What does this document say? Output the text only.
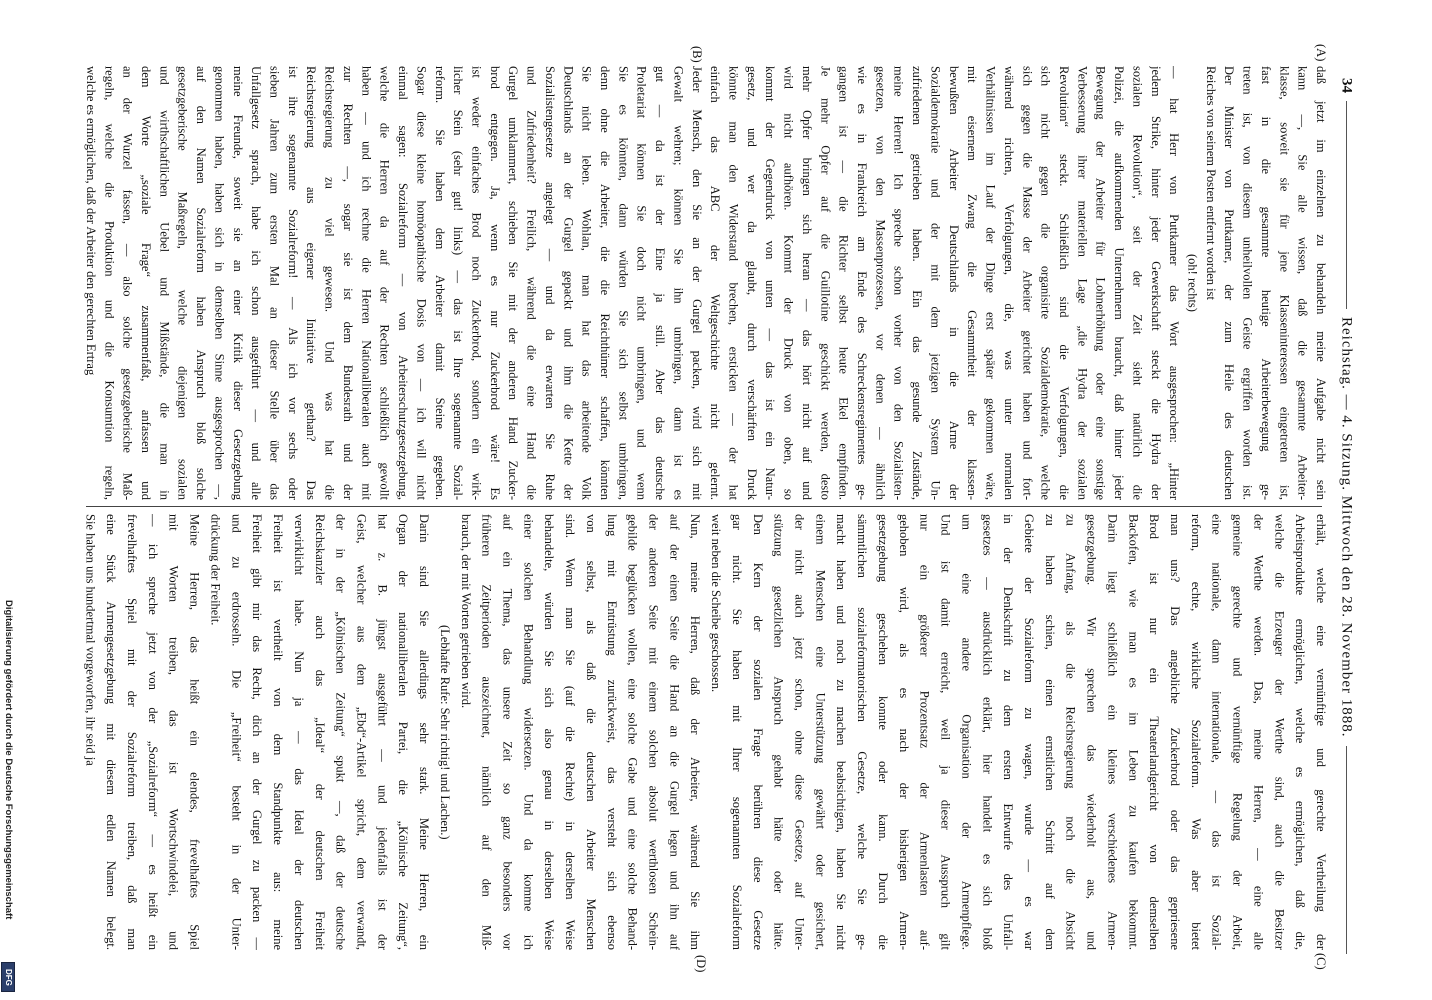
34
Reichstag. — 4. Sitzung. Mittwoch den 28. November 1888.
(A)
(B)
(C)
(D)
daß jetzt im einzelnen zu behandeln meine Aufgabe nicht sein
kann —, Sie alle wissen, daß die gesammte Arbeiter-
klasse, soweit sie für jene Klasseninteressen eingetreten ist,
fast in die gesammte heutige Arbeiterbewegung ge-
treten ist, von diesem unheilvollen Geiste ergriffen worden ist.
Der Minister von Puttkamer, der zum Heile des deutschen
Reiches von seinem Posten entfernt worden ist
(oh! rechts)
— hat Herr von Puttkamer das Wort ausgesprochen: „Hinter
jedem Strike, hinter jeder Gewerkschaft steckt die Hydra der
sozialen Revolution“, seit der Zeit sieht natürlich die
Polizei, die aufkommenden Unternehmern braucht, daß hinter jeder
Bewegung der Arbeiter für Lohnerhöhung oder eine sonstige
Verbesserung ihrer materiellen Lage „die Hydra der sozialen
Revolution“ steckt. Schließlich sind die Verfolgungen, die
sich nicht gegen die organisirte Sozialdemokratie, welche
sich gegen die Masse der Arbeiter gerichtet haben und fort-
während richten, Verfolgungen, die, was unter normalen
Verhältnissen im Lauf der Dinge erst später gekommen wäre,
mit eisernem Zwang die Gesammtheit der klassen-
bewußten Arbeiter Deutschlands in die Arme der
Sozialdemokratie und der mit dem jetzigen System Un-
zufriedenen getrieben haben. Ein das gesunde Zustände,
meine Herren! Ich spreche schon vorher von den Sozialisten-
gesetzen, von den Massenprozessen, vor denen — ähnlich
wie es in Frankreich am Ende des Schreckensregimentes ge-
gangen ist — die Richter selbst heute Ekel empfinden.
Je mehr Opfer auf die Guillotine geschickt werden, desto
mehr Opfer bringen sich heran — das hört nicht auf und
wird nicht aufhören. Kommt der Druck von oben, so
kommt der Gegendruck von unten — das ist ein Natur-
gesetz, und wer da glaubt, durch verschärften Druck
könnte man den Widerstand brechen, ersticken — der hat
einfach das ABC der Weltgeschichte nicht gelernt.
Jeder Mensch, den Sie an der Gurgel packen, wird sich mit
Gewalt wehren; können Sie ihn umbringen, dann ist es
gut — da ist der Eine ja still. Aber das deutsche
Proletariat können Sie doch nicht umbringen, und wenn
Sie es könnten, dann würden Sie sich selbst umbringen,
denn ohne die Arbeiter, die die Reichthümer schaffen, könnten
Sie nicht leben. Wohlan, man hat das arbeitende Volk
Deutschlands an der Gurgel gepackt und ihm die Kette der
Sozialistengesetze angelegt — und da erwarten Sie Ruhe
und Zufriedenheit? Freilich, während die eine Hand die
Gurgel umklammert, schieben Sie mit der anderen Hand Zucker-
brod entgegen. Ja, wenn es nur Zuckerbrod wäre! Es
ist weder einfaches Brod noch Zuckerbrod, sondern ein wirk-
licher Stein (sehr gut! links) — das ist Ihre sogenannte Sozial-
reform. Sie haben dem Arbeiter damit Steine gegeben.
Sogar diese kleine homöopathische Dosis von — ich will nicht
einmal sagen: Sozialreform — von Arbeiterschutzgesetzgebung,
welche die Herren da auf der Rechten schließlich gewollt
haben — und ich rechne die Herren Nationalliberalen auch mit
zur Rechten —, sogar sie ist dem Bundesrath und der
Reichsregierung zu viel gewesen. Und was hat die
Reichsregierung aus eigener Initiative gethan? Das
ist ihre sogenannte Sozialreform! — Als ich vor sechs oder
sieben Jahren zum ersten Mal an dieser Stelle über das
Unfallgesetz sprach, habe ich schon ausgeführt — und alle
meine Freunde, soweit sie an einer Kritik dieser Gesetzgebung
genommen haben, haben sich in demselben Sinne ausgesprochen —,
auf den Namen Sozialreform haben Anspruch bloß solche
gesetzgeberische Maßregeln, welche diejenigen sozialen
und wirthschaftlichen Uebel und Mißstände, die man in
dem Worte „soziale Frage“ zusammenfaßt, anfassen und
an der Wurzel fassen, — also solche gesetzgeberische Maß-
regeln, welche die Produktion und die Konsumtion regeln,
welche es ermöglichen, daß der Arbeiter den gerechten Ertrag
erhält, welche eine vernünftige und gerechte Vertheilung der
Arbeitsprodukte ermöglichen, welche es ermöglichen, daß die,
welche die Erzeuger der Werthe sind, auch die Besitzer
der Werthe werden. Das, meine Herren, — eine alle
gemeine gerechte und vernünftige Regelung der Arbeit,
eine nationale, dann internationale, — das ist Sozial-
reform, echte, wirkliche Sozialreform. Was aber bietet
man uns? Das angebliche Zuckerbrod oder das gepriesene
Brod ist nur ein Theaterlandgericht von demselben
Backofen, wie man es im Leben zu kaufen bekommt.
Darin liegt schließlich ein kleines verschiedenes Armen-
gesetzgebung. Wir sprechen das wiederholt aus, und
zu Anfang, als die Reichsregierung noch die Absicht
zu haben schien, einen ernstlichen Schritt auf dem
Gebiete der Sozialreform zu wagen, wurde — es war
in der Denkschrift zu dem ersten Entwurfe des Unfall-
gesetzes — ausdrücklich erklärt, hier handelt es sich bloß
um eine andere Organisation der Armenpflege.
Und ist damit erreicht, weil ja dieser Ausspruch gilt
nur ein größerer Prozentsatz der Armenlasten auf-
gehoben wird, als es nach der bisherigen Armen-
gesetzgebung geschehen konnte oder kann. Durch die
sämmtlichen sozialreformatorischen Gesetze, welche Sie ge-
macht haben und noch zu machen beabsichtigen, haben Sie nicht
einem Menschen eine Unterstützung gewährt oder gesichert,
der nicht auch jetzt schon, ohne diese Gesetze, auf Unter-
stützung gesetzlichen Anspruch gehabt hätte oder hätte.
Den Kern der sozialen Frage berühren diese Gesetze
gar nicht. Sie haben mit Ihrer sogenannten Sozialreform
weit neben die Scheibe geschossen.
Nun, meine Herren, daß der Arbeiter, während Sie ihm
auf der einen Seite die Hand an die Gurgel legen und ihn auf
der anderen Seite mit einem solchen absolut werthlosen Schein-
gebilde beglücken wollen, eine solche Gabe und eine solche Behand-
lung mit Entrüstung zurückweist, das versteht sich ebenso
von selbst, als daß die deutschen Arbeiter Menschen
sind. Wenn man Sie (auf die Rechte) in derselben Weise
behandelte, würden Sie sich also genau in derselben Weise
einer solchen Behandlung widersetzen. Und da komme ich
auf ein Thema, das unsere Zeit so ganz besonders vor
früheren Zeitperioden auszeichnet, nämlich auf den Miß-
brauch, der mit Worten getrieben wird.
(Lebhafte Rufe: Sehr richtig! und Lachen.)
Darin sind Sie allerdings sehr stark. Meine Herren, ein
Organ der nationalliberalen Partei, die „Kölnische Zeitung“,
hat z. B. jüngst ausgeführt — und jedenfalls ist der
Geist, welcher aus dem „Ebd“-Artikel spricht, dem verwandt,
der in der „Kölnischen Zeitung“ spukt —, daß der deutsche
Reichskanzler auch das „Ideal“ der deutschen Freiheit
verwirklicht habe. Nun ja — das Ideal der deutschen
Freiheit ist vertheilt von dem Standpunkte aus: meine
Freiheit gibt mir das Recht, dich an der Gurgel zu packen —
und zu erdrosseln. Die „Freiheit“ besteht in der Unter-
drückung der Freiheit.
Meine Herren, das heißt ein elendes, frevelhaftes Spiel
mit Worten treiben, das ist Wortschwindelei, und
— ich spreche jetzt von der „Sozialreform“ — es heißt ein
frevelhaftes Spiel mit der Sozialreform treiben, daß man
eine Stück Armengesetzgebung mit diesem edlen Namen belegt.
Sie haben uns hundertmal vorgeworfen, ihr seid ja
Digitalisierung gefördert durch die Deutsche Forschungsgemeinschaft
DFG
